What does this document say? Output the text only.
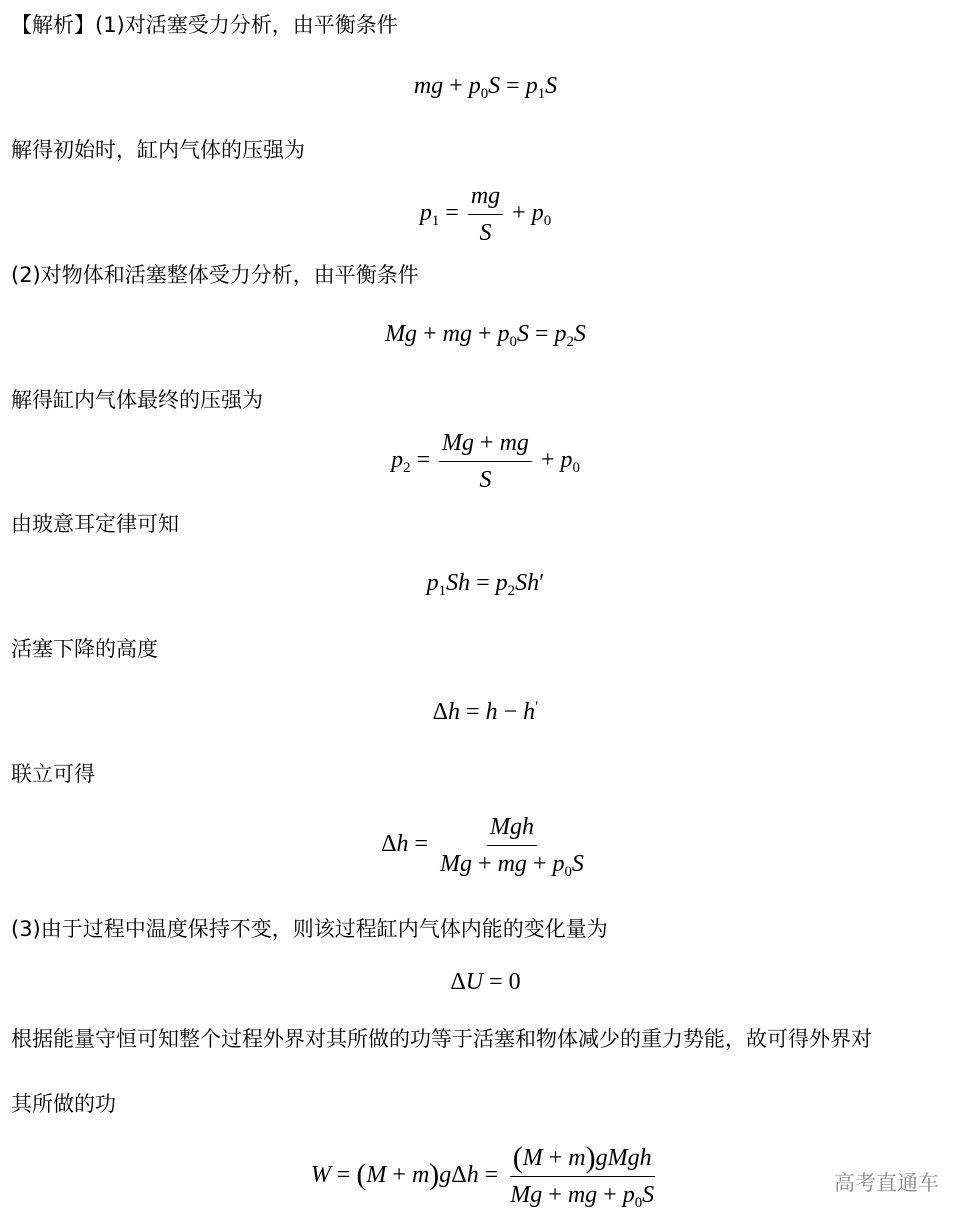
【解析】(1)对活塞受力分析，由平衡条件
解得初始时，缸内气体的压强为
(2)对物体和活塞整体受力分析，由平衡条件
解得缸内气体最终的压强为
由玻意耳定律可知
活塞下降的高度
联立可得
(3)由于过程中温度保持不变，则该过程缸内气体内能的变化量为
根据能量守恒可知整个过程外界对其所做的功等于活塞和物体减少的重力势能，故可得外界对
其所做的功
mg + $p_0S = p_1S$
$p_1 = \frac{mg}{S} + p_0$
Mg + mg + $p_0S = p_2S$
$p_2 = \frac{Mg + mg}{S} + p_0$
$p_1Sh = p_2Sh'$
Δh = h − h′
$\Delta h = \frac{\text{Mgh}}{Mg + mg + p_0S}$
ΔU = 0
$W = (M + m)g\Delta h = \frac{\text{(M + m)gMgh}}{Mg + mg + p_0S}$	高考直通车
